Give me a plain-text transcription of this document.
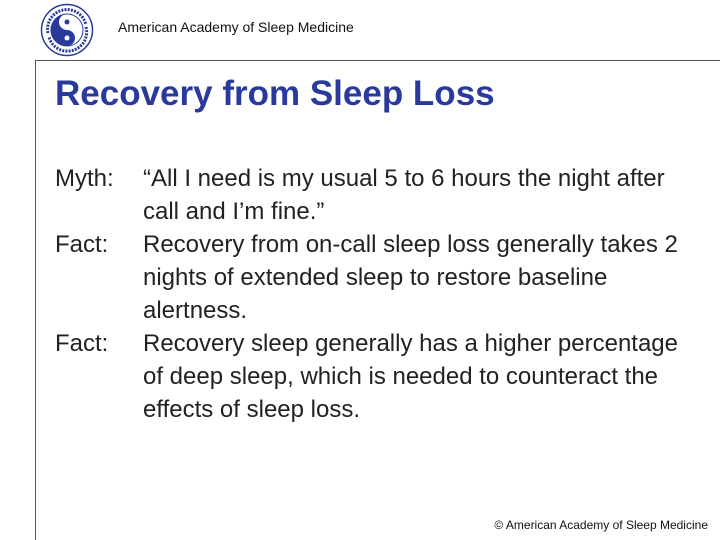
American Academy of Sleep Medicine
Recovery from Sleep Loss
Myth:	“All I need is my usual 5 to 6 hours the night after call and I’m fine.”
Fact:	Recovery from on-call sleep loss generally takes 2 nights of extended sleep to restore baseline alertness.
Fact:	Recovery sleep generally has a higher percentage of deep sleep, which is needed to counteract the effects of sleep loss.
© American Academy of Sleep Medicine
